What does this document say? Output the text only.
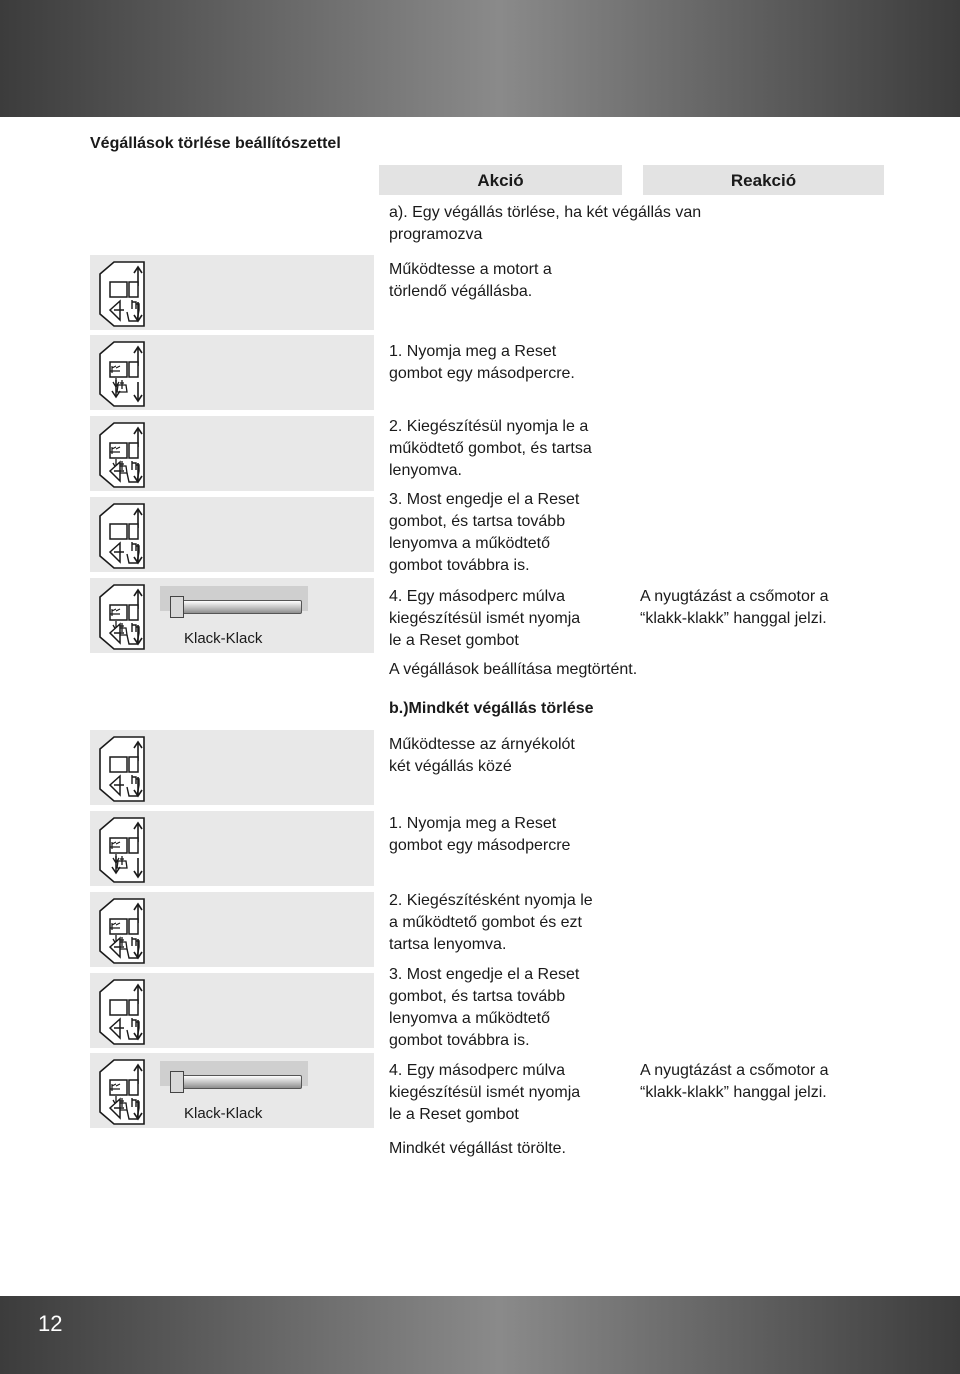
Végállások törlése beállítószettel
Akció	Reakció
a). Egy végállás törlése, ha két végállás van
programozva
Működtesse a motort a
törlendő végállásba.
1. Nyomja meg a Reset
gombot egy másodpercre.
2. Kiegészítésül nyomja le a
működtető gombot, és tartsa
lenyomva.
3. Most engedje el a Reset
gombot, és tartsa tovább
lenyomva a működtető
gombot továbbra is.
Klack-Klack
4. Egy másodperc múlva
kiegészítésül ismét nyomja
le a Reset gombot
A nyugtázást a csőmotor a
“klakk-klakk” hanggal jelzi.
A végállások beállítása megtörtént.
b.)Mindkét végállás törlése
Működtesse az árnyékolót
két végállás közé
1. Nyomja meg a Reset
gombot egy másodpercre
2. Kiegészítésként nyomja le
a működtető gombot és ezt
tartsa lenyomva.
3. Most engedje el a Reset
gombot, és tartsa tovább
lenyomva a működtető
gombot továbbra is.
Klack-Klack
4. Egy másodperc múlva
kiegészítésül ismét nyomja
le a Reset gombot
A nyugtázást a csőmotor a
“klakk-klakk” hanggal jelzi.
Mindkét végállást törölte.
12
